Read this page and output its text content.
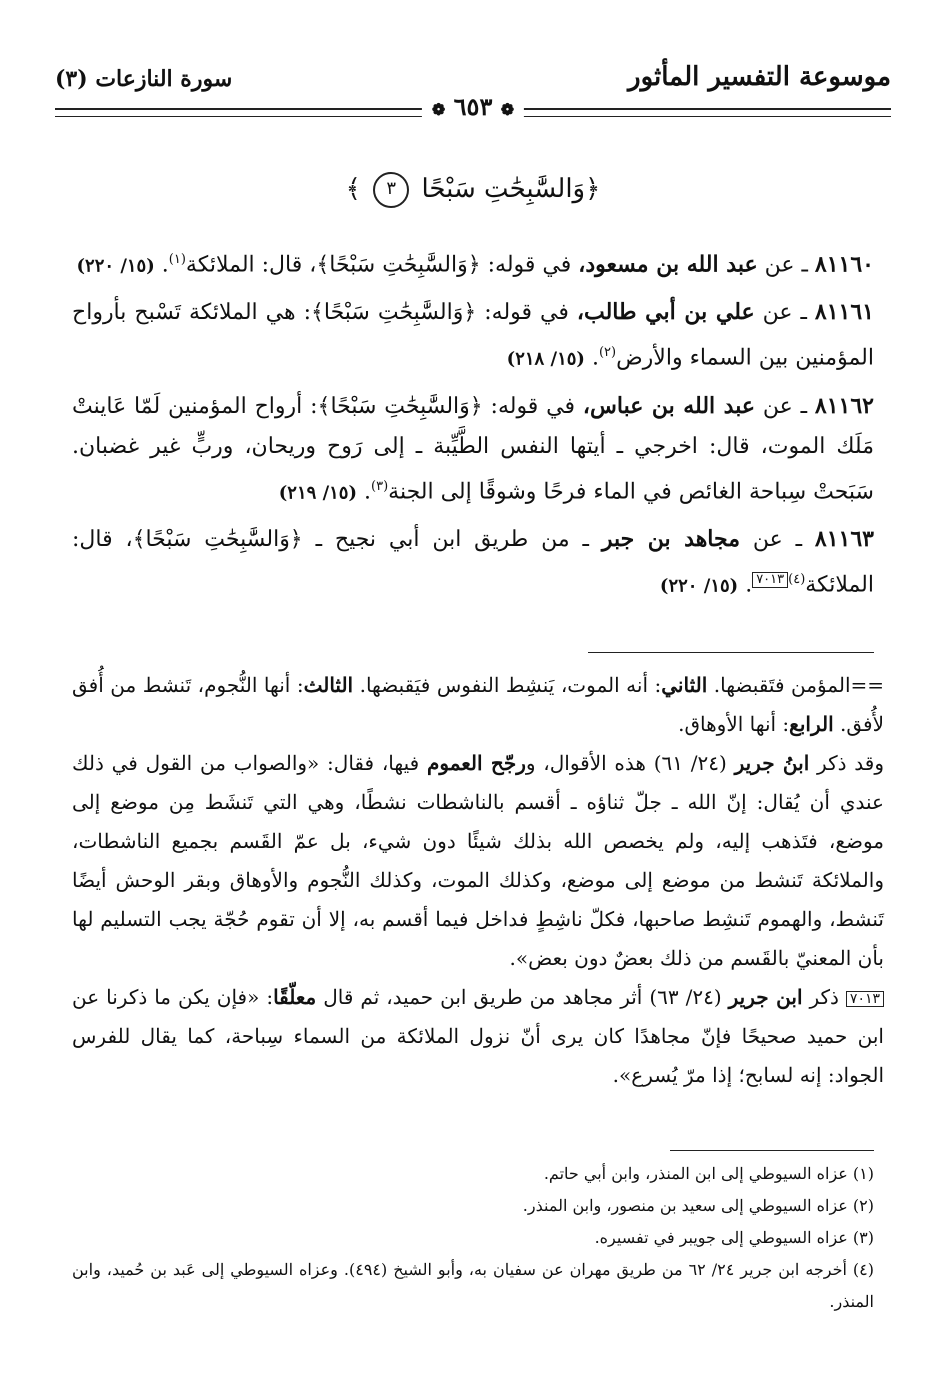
موسوعة التفسير المأثور
سورة النازعات (٣)
❁ ٦٥٣ ❁
﴿وَالسَّٰبِحَٰتِ سَبْحًا ٣ ﴾

٨١١٦٠ ـ عن عبد الله بن مسعود، في قوله: ﴿وَالسَّٰبِحَٰتِ سَبْحًا﴾، قال: الملائكة$^{(١)}$. (١٥/ ٢٢٠)

٨١١٦١ ـ عن علي بن أبي طالب، في قوله: ﴿وَالسَّٰبِحَٰتِ سَبْحًا﴾: هي الملائكة تَسْبح بأرواح المؤمنين بين السماء والأرض$^{(٢)}$. (١٥/ ٢١٨)

٨١١٦٢ ـ عن عبد الله بن عباس، في قوله: ﴿وَالسَّٰبِحَٰتِ سَبْحًا﴾: أرواح المؤمنين لَمّا عَاينتْ مَلَك الموت، قال: اخرجي ـ أيتها النفس الطَّيِّبة ـ إلى رَوح وريحان، وربٍّ غير غضبان. سَبَحتْ سِباحة الغائص في الماء فرحًا وشوقًا إلى الجنة$^{(٣)}$. (١٥/ ٢١٩)

٨١١٦٣ ـ عن مجاهد بن جبر ـ من طريق ابن أبي نجيح ـ ﴿وَالسَّٰبِحَٰتِ سَبْحًا﴾، قال: الملائكة$^{(٤)}$٧٠١٣. (١٥/ ٢٢٠)

==المؤمن فتَقبضها. الثاني: أنه الموت، يَنشِط النفوس فيَقبضها. الثالث: أنها النُّجوم، تَنشط من أُفق لأُفق. الرابع: أنها الأوهاق.

وقد ذكر ابنُ جرير (٢٤/ ٦١) هذه الأقوال، ورجّح العموم فيها، فقال: «والصواب من القول في ذلك عندي أن يُقال: إنّ الله ـ جلّ ثناؤه ـ أقسم بالناشطات نشطًا، وهي التي تَنشَط مِن موضع إلى موضع، فتَذهب إليه، ولم يخصص الله بذلك شيئًا دون شيء، بل عمّ القَسم بجميع الناشطات، والملائكة تَنشط من موضع إلى موضع، وكذلك الموت، وكذلك النُّجوم والأوهاق وبقر الوحش أيضًا تَنشط، والهموم تَنشِط صاحبها، فكلّ ناشِطٍ فداخل فيما أقسم به، إلا أن تقوم حُجّة يجب التسليم لها بأن المعنيّ بالقَسم من ذلك بعضٌ دون بعض».

٧٠١٣ ذكر ابن جرير (٢٤/ ٦٣) أثر مجاهد من طريق ابن حميد، ثم قال معلّقًا: «فإن يكن ما ذكرنا عن ابن حميد صحيحًا فإنّ مجاهدًا كان يرى أنّ نزول الملائكة من السماء سِباحة، كما يقال للفرس الجواد: إنه لسابح؛ إذا مرّ يُسرع».

(١) عزاه السيوطي إلى ابن المنذر، وابن أبي حاتم.

(٢) عزاه السيوطي إلى سعيد بن منصور، وابن المنذر.

(٣) عزاه السيوطي إلى جويبر في تفسيره.

(٤) أخرجه ابن جرير ٢٤/ ٦٢ من طريق مهران عن سفيان به، وأبو الشيخ (٤٩٤). وعزاه السيوطي إلى عَبد بن حُميد، وابن المنذر.
